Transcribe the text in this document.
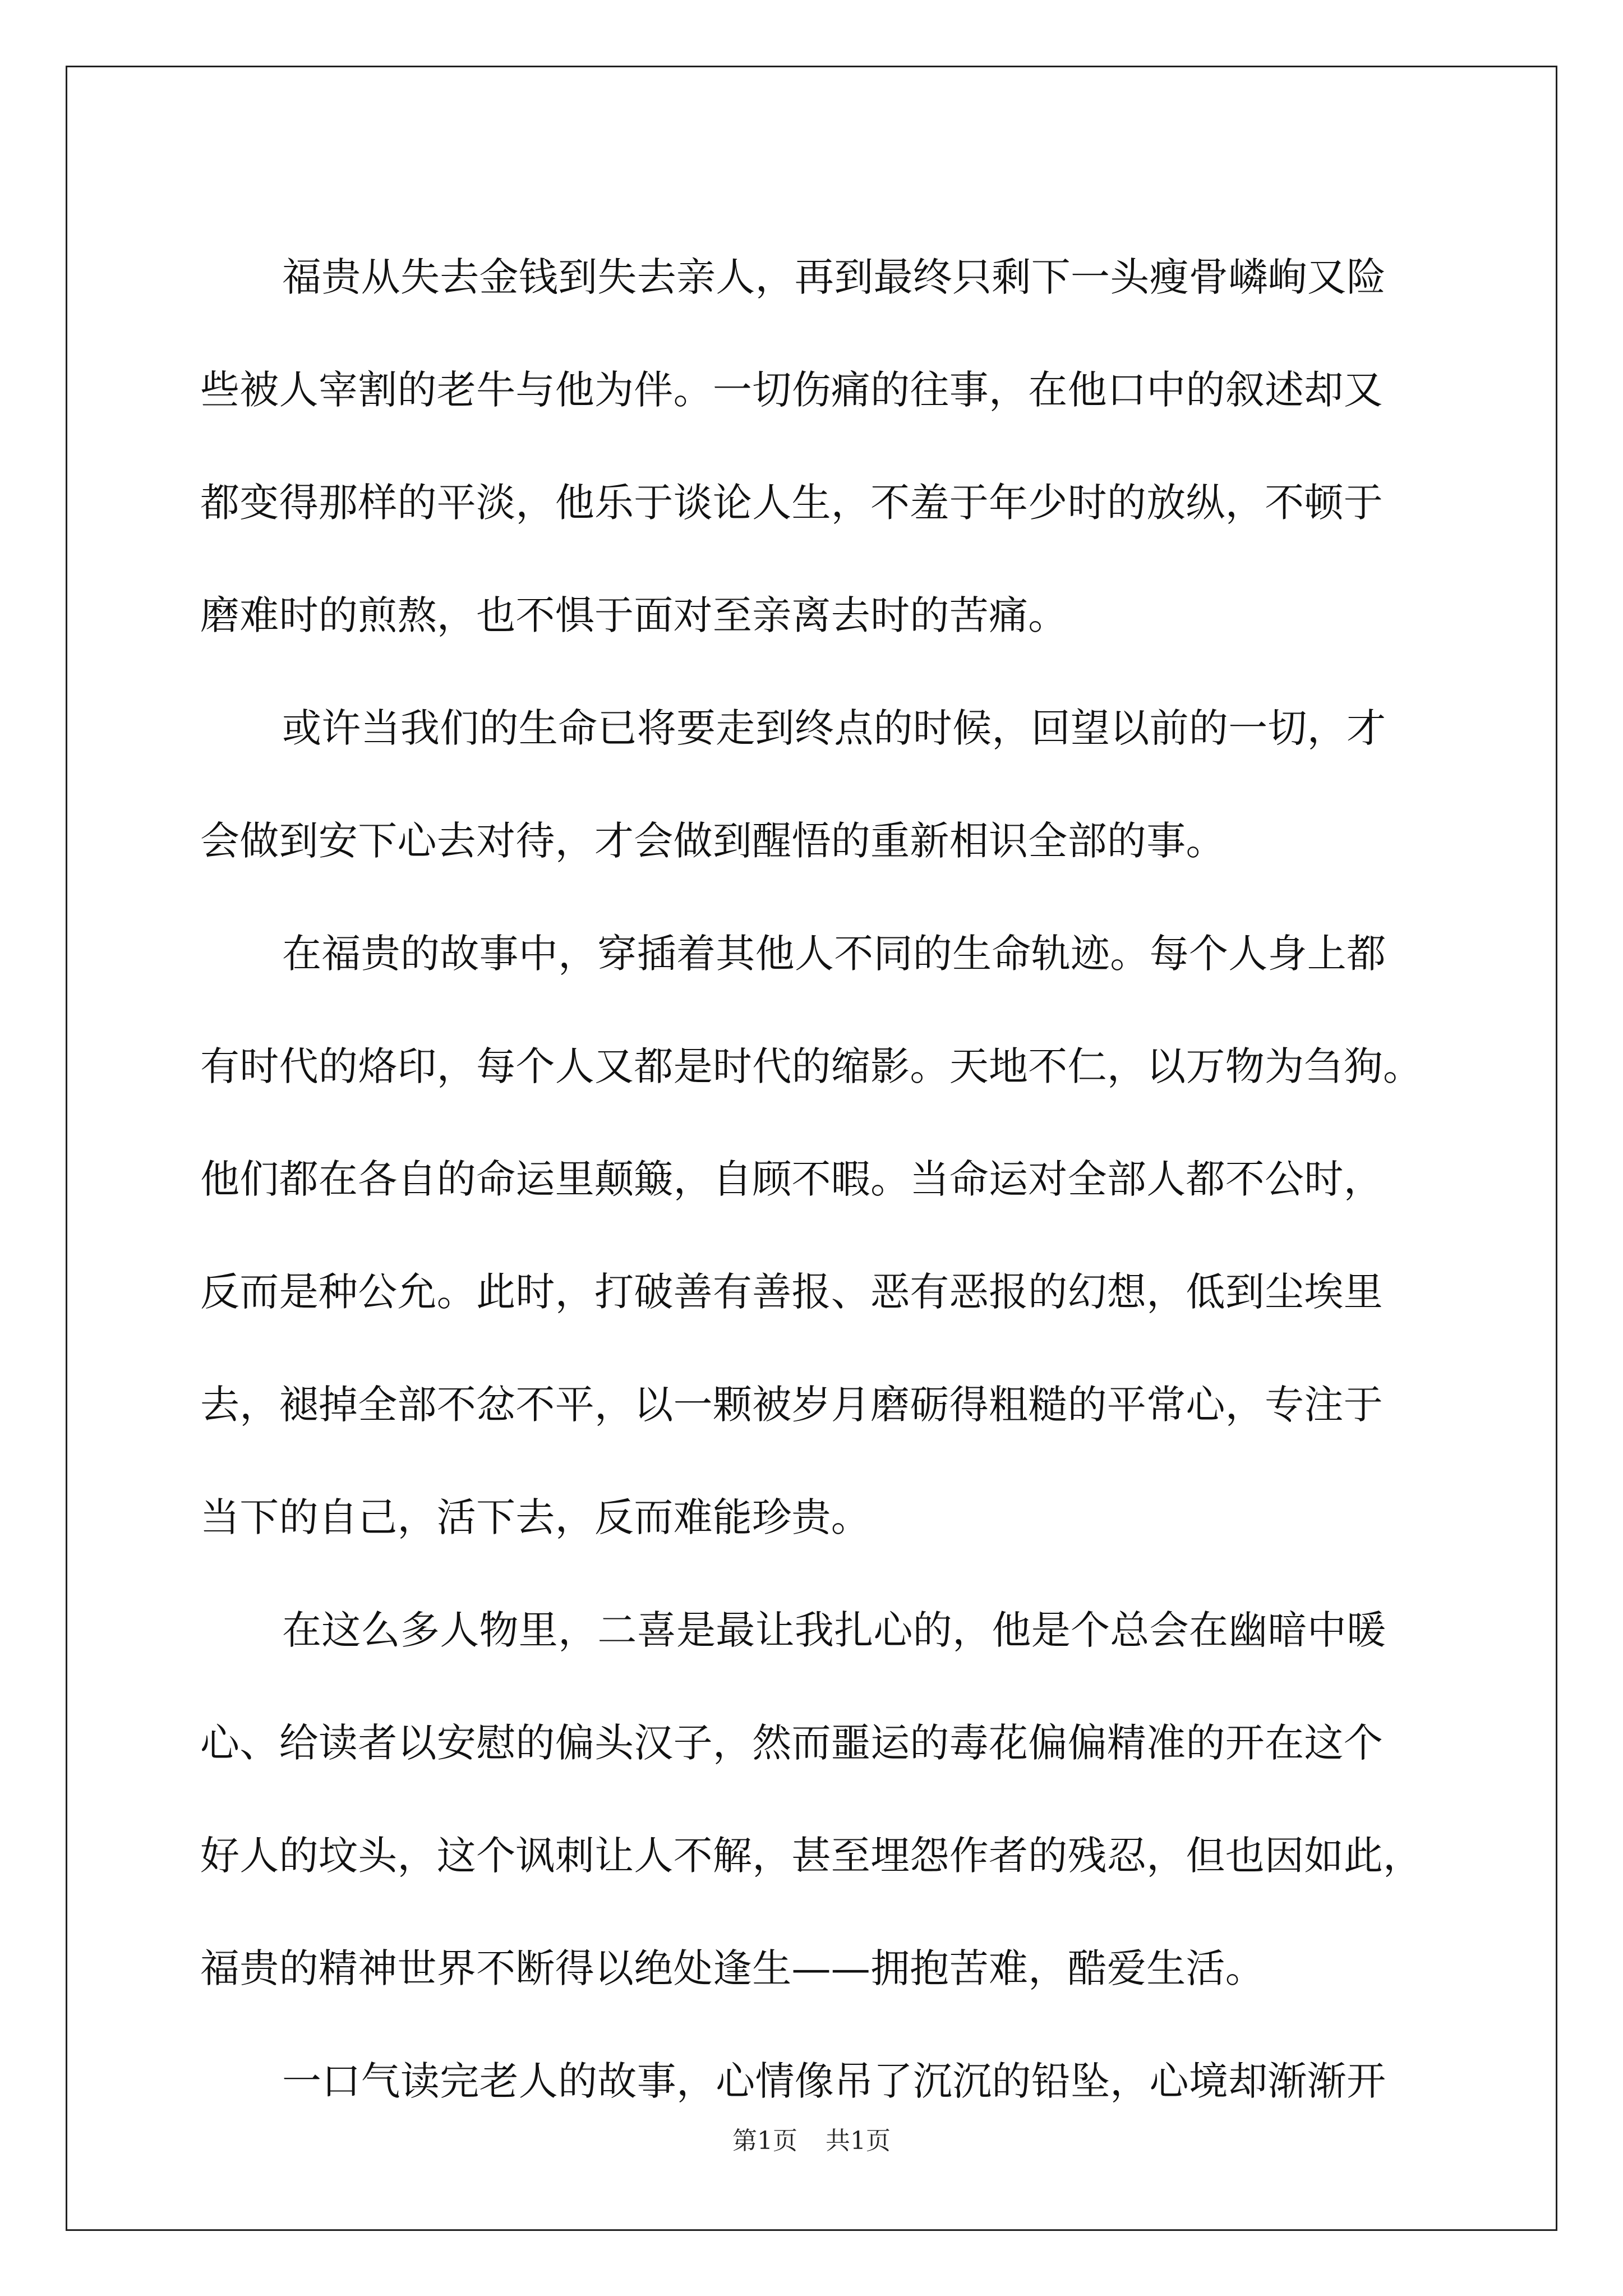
福贵从失去金钱到失去亲人，再到最终只剩下一头瘦骨嶙峋又险
些被人宰割的老牛与他为伴。一切伤痛的往事，在他口中的叙述却又
都变得那样的平淡，他乐于谈论人生，不羞于年少时的放纵，不顿于
磨难时的煎熬，也不惧于面对至亲离去时的苦痛。

或许当我们的生命已将要走到终点的时候，回望以前的一切，才
会做到安下心去对待，才会做到醒悟的重新相识全部的事。

在福贵的故事中，穿插着其他人不同的生命轨迹。每个人身上都
有时代的烙印，每个人又都是时代的缩影。天地不仁，以万物为刍狗。
他们都在各自的命运里颠簸，自顾不暇。当命运对全部人都不公时，
反而是种公允。此时，打破善有善报、恶有恶报的幻想，低到尘埃里
去，褪掉全部不忿不平，以一颗被岁月磨砺得粗糙的平常心，专注于
当下的自己，活下去，反而难能珍贵。

在这么多人物里，二喜是最让我扎心的，他是个总会在幽暗中暖
心、给读者以安慰的偏头汉子，然而噩运的毒花偏偏精准的开在这个
好人的坟头，这个讽刺让人不解，甚至埋怨作者的残忍，但也因如此，
福贵的精神世界不断得以绝处逢生——拥抱苦难，酷爱生活。

一口气读完老人的故事，心情像吊了沉沉的铅坠，心境却渐渐开

第1页 共1页
